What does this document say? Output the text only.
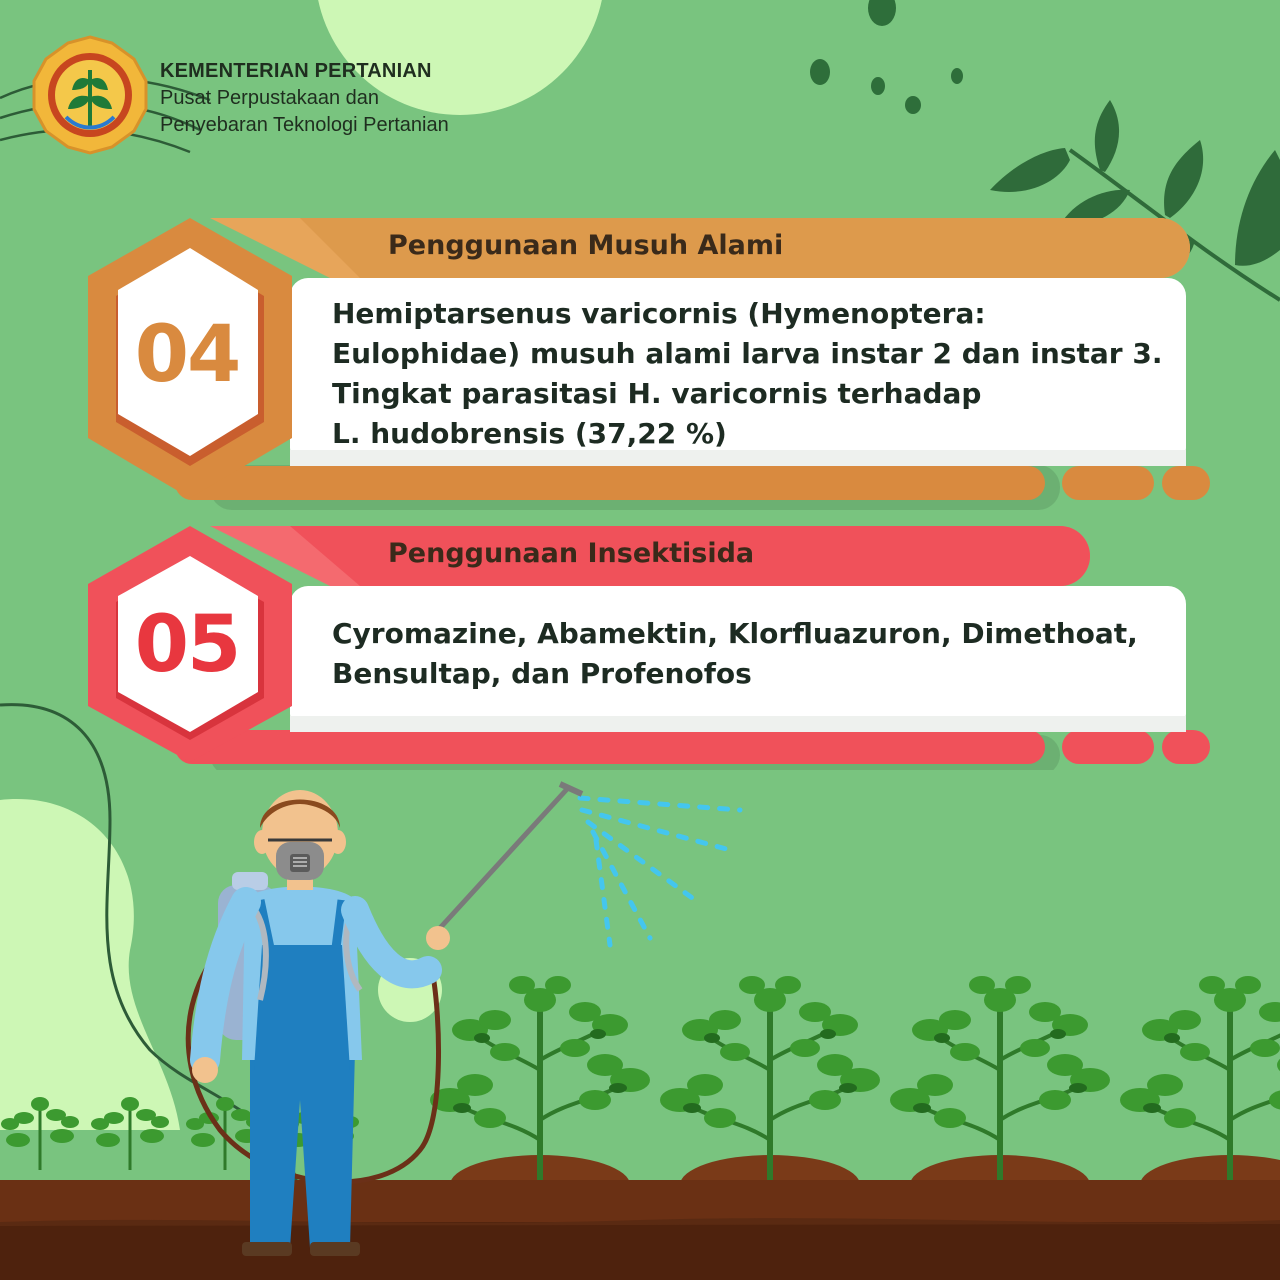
KEMENTERIAN PERTANIAN
Pusat Perpustakaan dan
Penyebaran Teknologi Pertanian
04
Penggunaan Musuh Alami
Hemiptarsenus varicornis (Hymenoptera:
Eulophidae) musuh alami larva instar 2 dan instar 3.
Tingkat parasitasi H. varicornis terhadap
L. hudobrensis (37,22 %)
05
Penggunaan Insektisida
Cyromazine, Abamektin, Klorfluazuron, Dimethoat,
Bensultap, dan Profenofos
